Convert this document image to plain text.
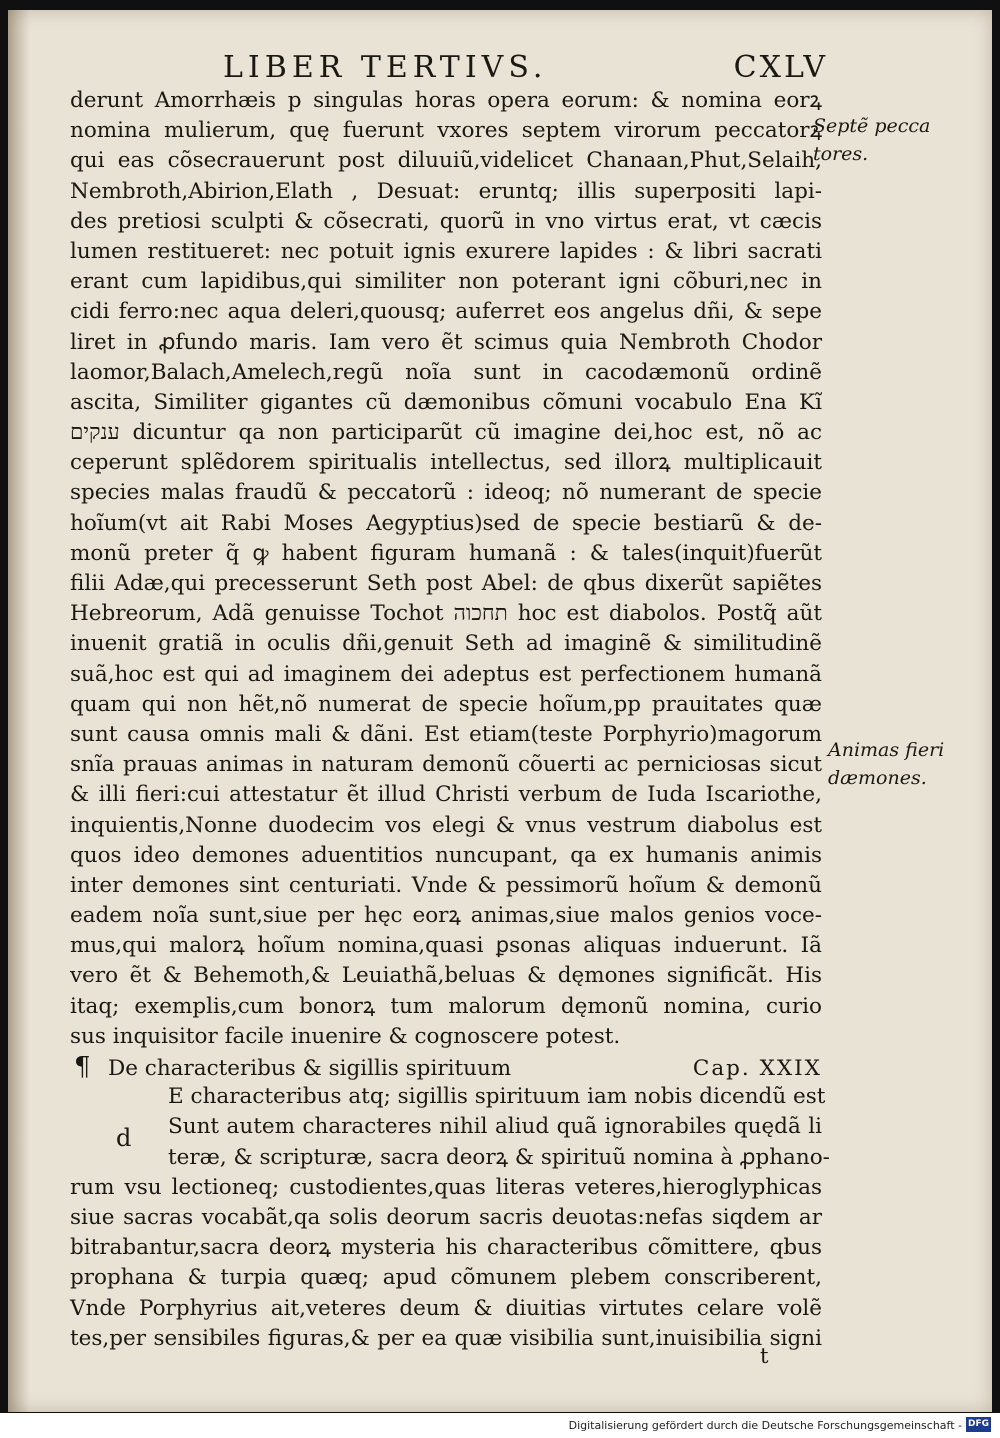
LIBER TERTIVS.	CXLV
derunt Amorrhæis p singulas horas opera eorum: & nomina eorꝝ
nomina mulierum, quę fuerunt vxores septem virorum peccatorꝝ
qui eas cõsecrauerunt post diluuiũ,videlicet Chanaan,Phut,Selaih,
Nembroth,Abirion,Elath , Desuat: eruntq; illis superpositi lapi-
des pretiosi sculpti & cõsecrati, quorũ in vno virtus erat, vt cæcis
lumen restitueret: nec potuit ignis exurere lapides : & libri sacrati
erant cum lapidibus,qui similiter non poterant igni cõburi,nec in
cidi ferro:nec aqua deleri,quousq; auferret eos angelus dñi, & sepe
liret in ꝓfundo maris. Iam vero ẽt scimus quia Nembroth Chodor
laomor,Balach,Amelech,regũ noĩa sunt in cacodæmonũ ordinẽ
ascita, Similiter gigantes cũ dæmonibus cõmuni vocabulo Ena Kĩ
ענקים dicuntur qa non participarũt cũ imagine dei,hoc est, nõ ac
ceperunt splẽdorem spiritualis intellectus, sed illorꝝ multiplicauit
species malas fraudũ & peccatorũ : ideoq; nõ numerant de specie
hoĩum(vt ait Rabi Moses Aegyptius)sed de specie bestiarũ & de-
monũ preter q̃ ꝙ habent figuram humanã : & tales(inquit)fuerũt
filii Adæ,qui precesserunt Seth post Abel: de qbus dixerũt sapiẽtes
Hebreorum, Adã genuisse Tochot תחכוה hoc est diabolos. Postq̃ aũt
inuenit gratiã in oculis dñi,genuit Seth ad imaginẽ & similitudinẽ
suã,hoc est qui ad imaginem dei adeptus est perfectionem humanã
quam qui non hẽt,nõ numerat de specie hoĩum,pp prauitates quæ
sunt causa omnis mali & dãni. Est etiam(teste Porphyrio)magorum
snĩa prauas animas in naturam demonũ cõuerti ac perniciosas sicut
& illi fieri:cui attestatur ẽt illud Christi verbum de Iuda Iscariothe,
inquientis,Nonne duodecim vos elegi & vnus vestrum diabolus est
quos ideo demones aduentitios nuncupant, qa ex humanis animis
inter demones sint centuriati. Vnde & pessimorũ hoĩum & demonũ
eadem noĩa sunt,siue per hęc eorꝝ animas,siue malos genios voce-
mus,qui malorꝝ hoĩum nomina,quasi ꝑsonas aliquas induerunt. Iã
vero ẽt & Behemoth,& Leuiathã,beluas & dęmones significãt. His
itaq; exemplis,cum bonorꝝ tum malorum dęmonũ nomina, curio
sus inquisitor facile inuenire & cognoscere potest.
¶ De characteribus & sigillis spirituum	Cap. XXIX
d
E characteribus atq; sigillis spirituum iam nobis dicendũ est
Sunt autem characteres nihil aliud quã ignorabiles quędã li
teræ, & scripturæ, sacra deorꝝ & spirituũ nomina à ꝓphano-
rum vsu lectioneq; custodientes,quas literas veteres,hieroglyphicas
siue sacras vocabãt,qa solis deorum sacris deuotas:nefas siqdem ar
bitrabantur,sacra deorꝝ mysteria his characteribus cõmittere, qbus
prophana & turpia quæq; apud cõmunem plebem conscriberent,
Vnde Porphyrius ait,veteres deum & diuitias virtutes celare volẽ
tes,per sensibiles figuras,& per ea quæ visibilia sunt,inuisibilia signi
Septẽ pecca tores.
Animas fieri dæmones.
t
Digitalisierung gefördert durch die Deutsche Forschungsgemeinschaft - DFG
